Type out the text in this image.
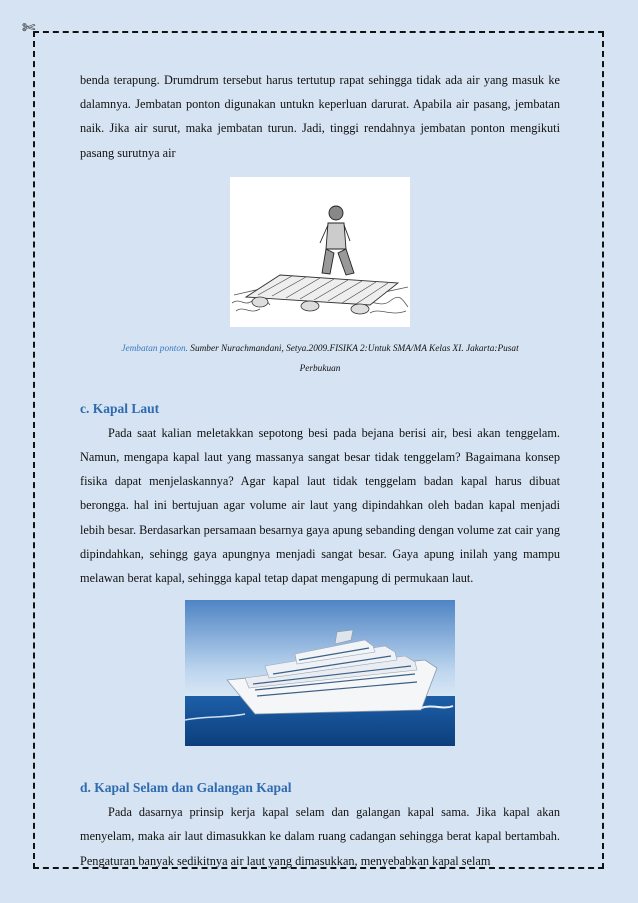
✄

benda terapung. Drumdrum tersebut harus tertutup rapat sehingga tidak ada air yang masuk ke dalamnya. Jembatan ponton digunakan untukn keperluan darurat. Apabila air pasang, jembatan naik. Jika air surut, maka jembatan turun. Jadi, tinggi rendahnya jembatan ponton mengikuti pasang surutnya air

Jembatan ponton. Sumber Nurachmandani, Setya.2009.FISIKA 2:Untuk SMA/MA Kelas XI. Jakarta:Pusat Perbukuan

c. Kapal Laut

Pada saat kalian meletakkan sepotong besi pada bejana berisi air, besi akan tenggelam. Namun, mengapa kapal laut yang massanya sangat besar tidak tenggelam? Bagaimana konsep fisika dapat menjelaskannya? Agar kapal laut tidak tenggelam badan kapal harus dibuat berongga. hal ini bertujuan agar volume air laut yang dipindahkan oleh badan kapal menjadi lebih besar. Berdasarkan persamaan besarnya gaya apung sebanding dengan volume zat cair yang dipindahkan, sehingg gaya apungnya menjadi sangat besar. Gaya apung inilah yang mampu melawan berat kapal, sehingga kapal tetap dapat mengapung di permukaan laut.

d. Kapal Selam dan Galangan Kapal

Pada dasarnya prinsip kerja kapal selam dan galangan kapal sama. Jika kapal akan menyelam, maka air laut dimasukkan ke dalam ruang cadangan sehingga berat kapal bertambah. Pengaturan banyak sedikitnya air laut yang dimasukkan, menyebabkan kapal selam
